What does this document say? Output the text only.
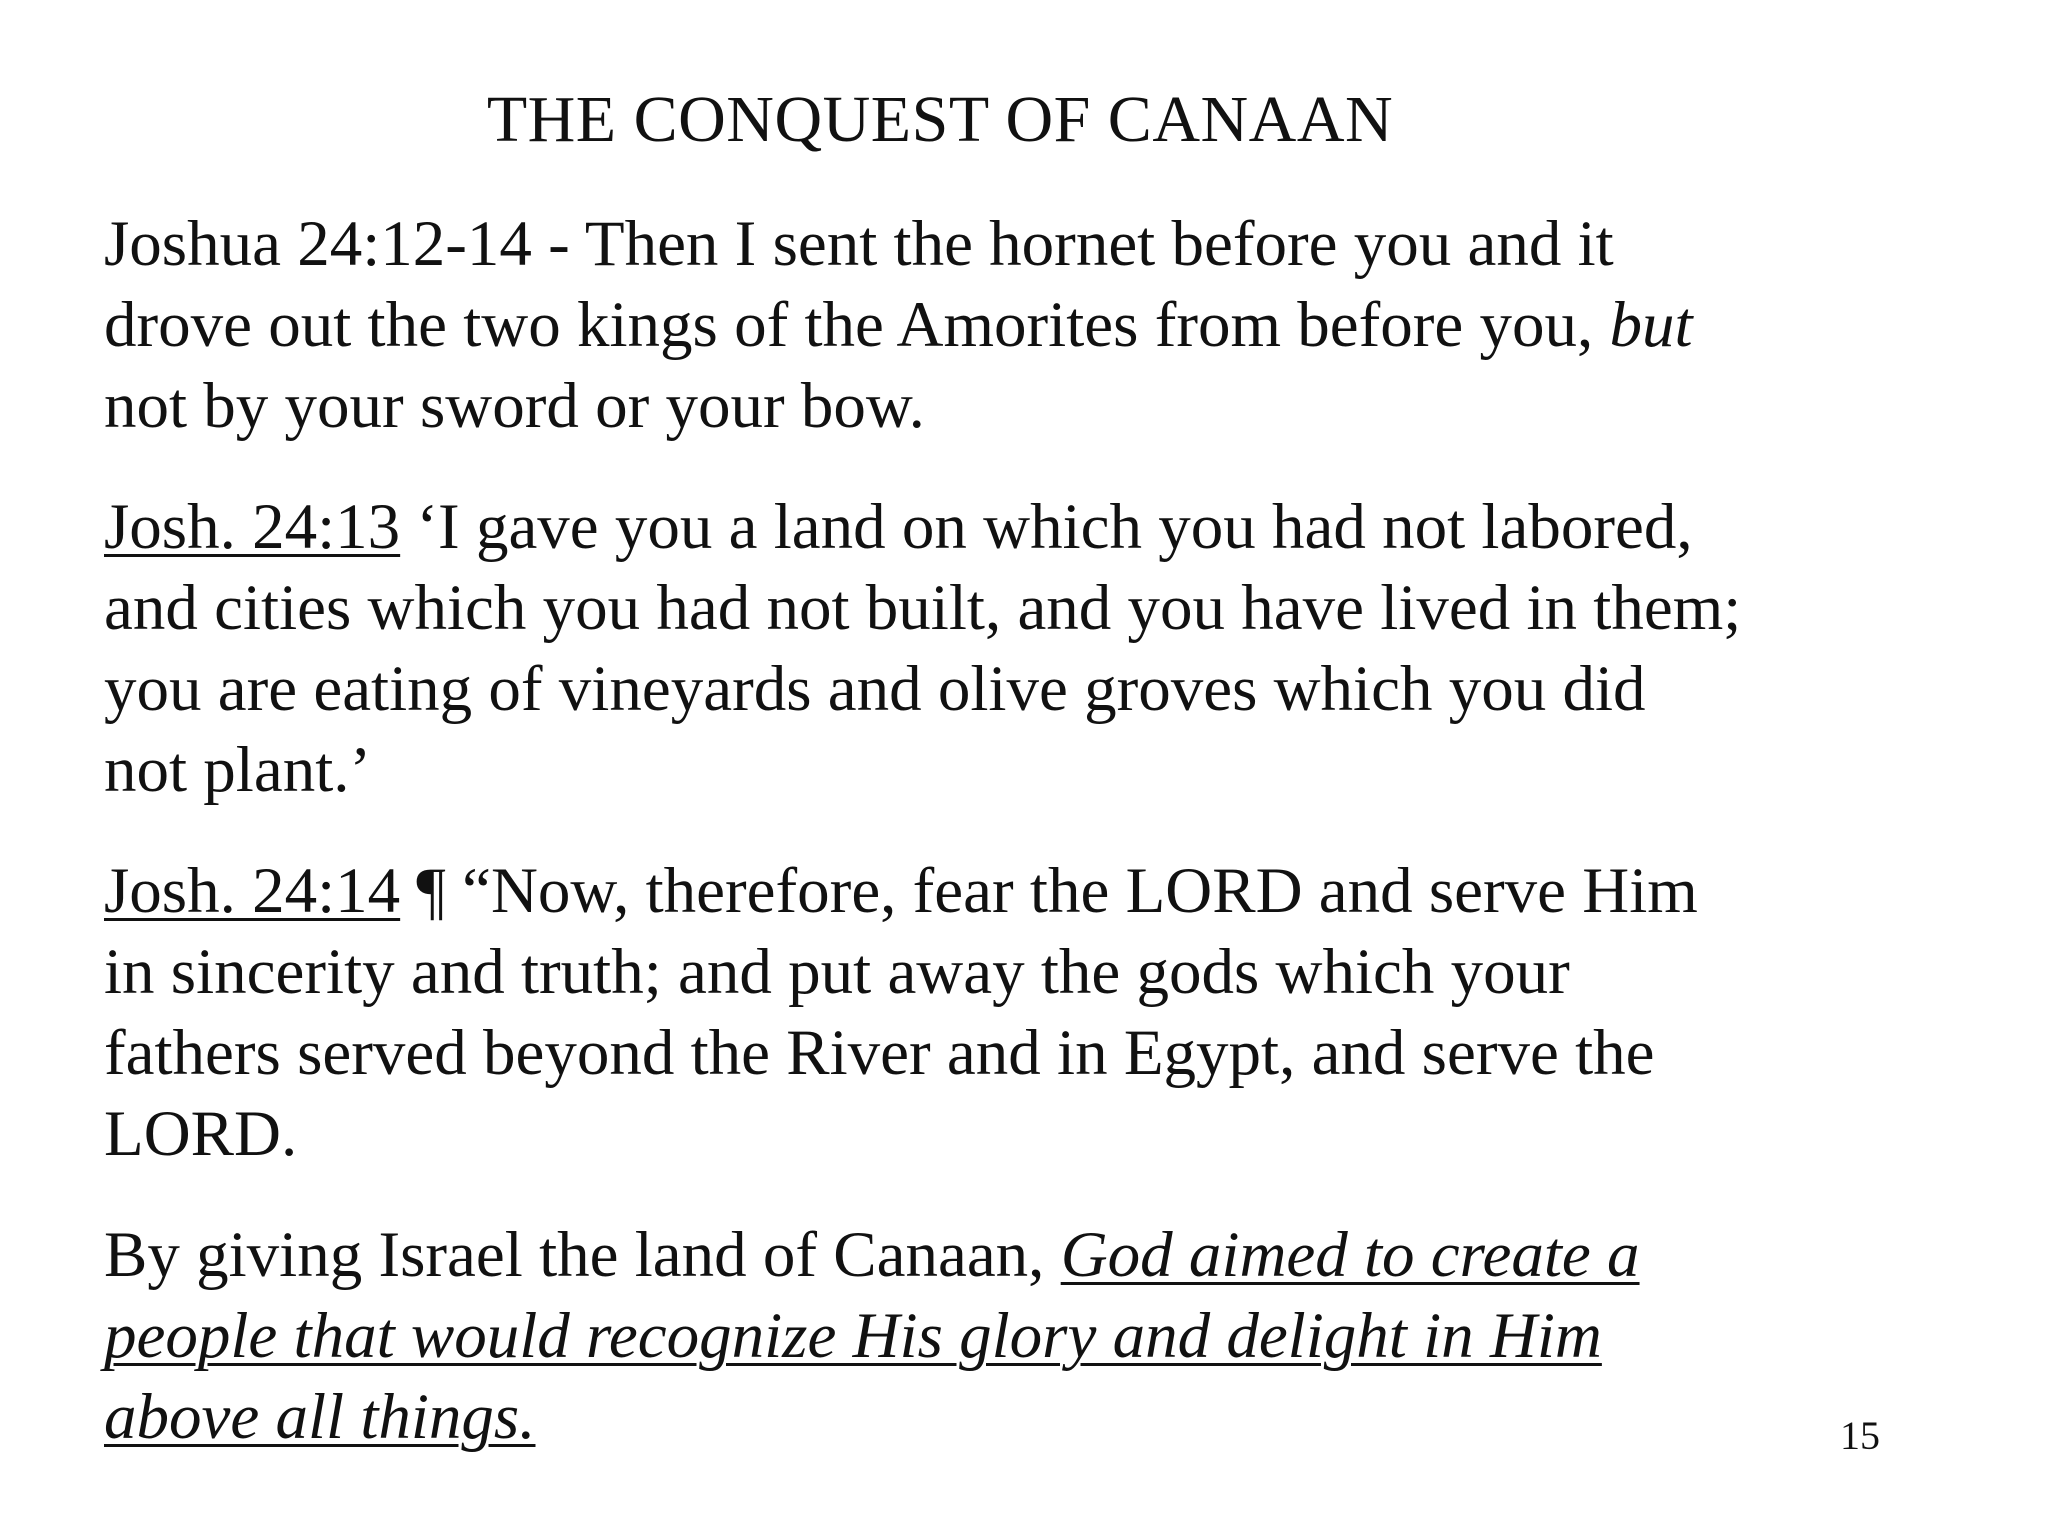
THE CONQUEST OF CANAAN

Joshua 24:12-14 - Then I sent the hornet before you and it drove out the two kings of the Amorites from before you, but not by your sword or your bow.

Josh. 24:13 ‘I gave you a land on which you had not labored, and cities which you had not built, and you have lived in them; you are eating of vineyards and olive groves which you did not plant.’

Josh. 24:14 ¶ “Now, therefore, fear the LORD and serve Him in sincerity and truth; and put away the gods which your fathers served beyond the River and in Egypt, and serve the LORD.

By giving Israel the land of Canaan, God aimed to create a people that would recognize His glory and delight in Him above all things.	15
